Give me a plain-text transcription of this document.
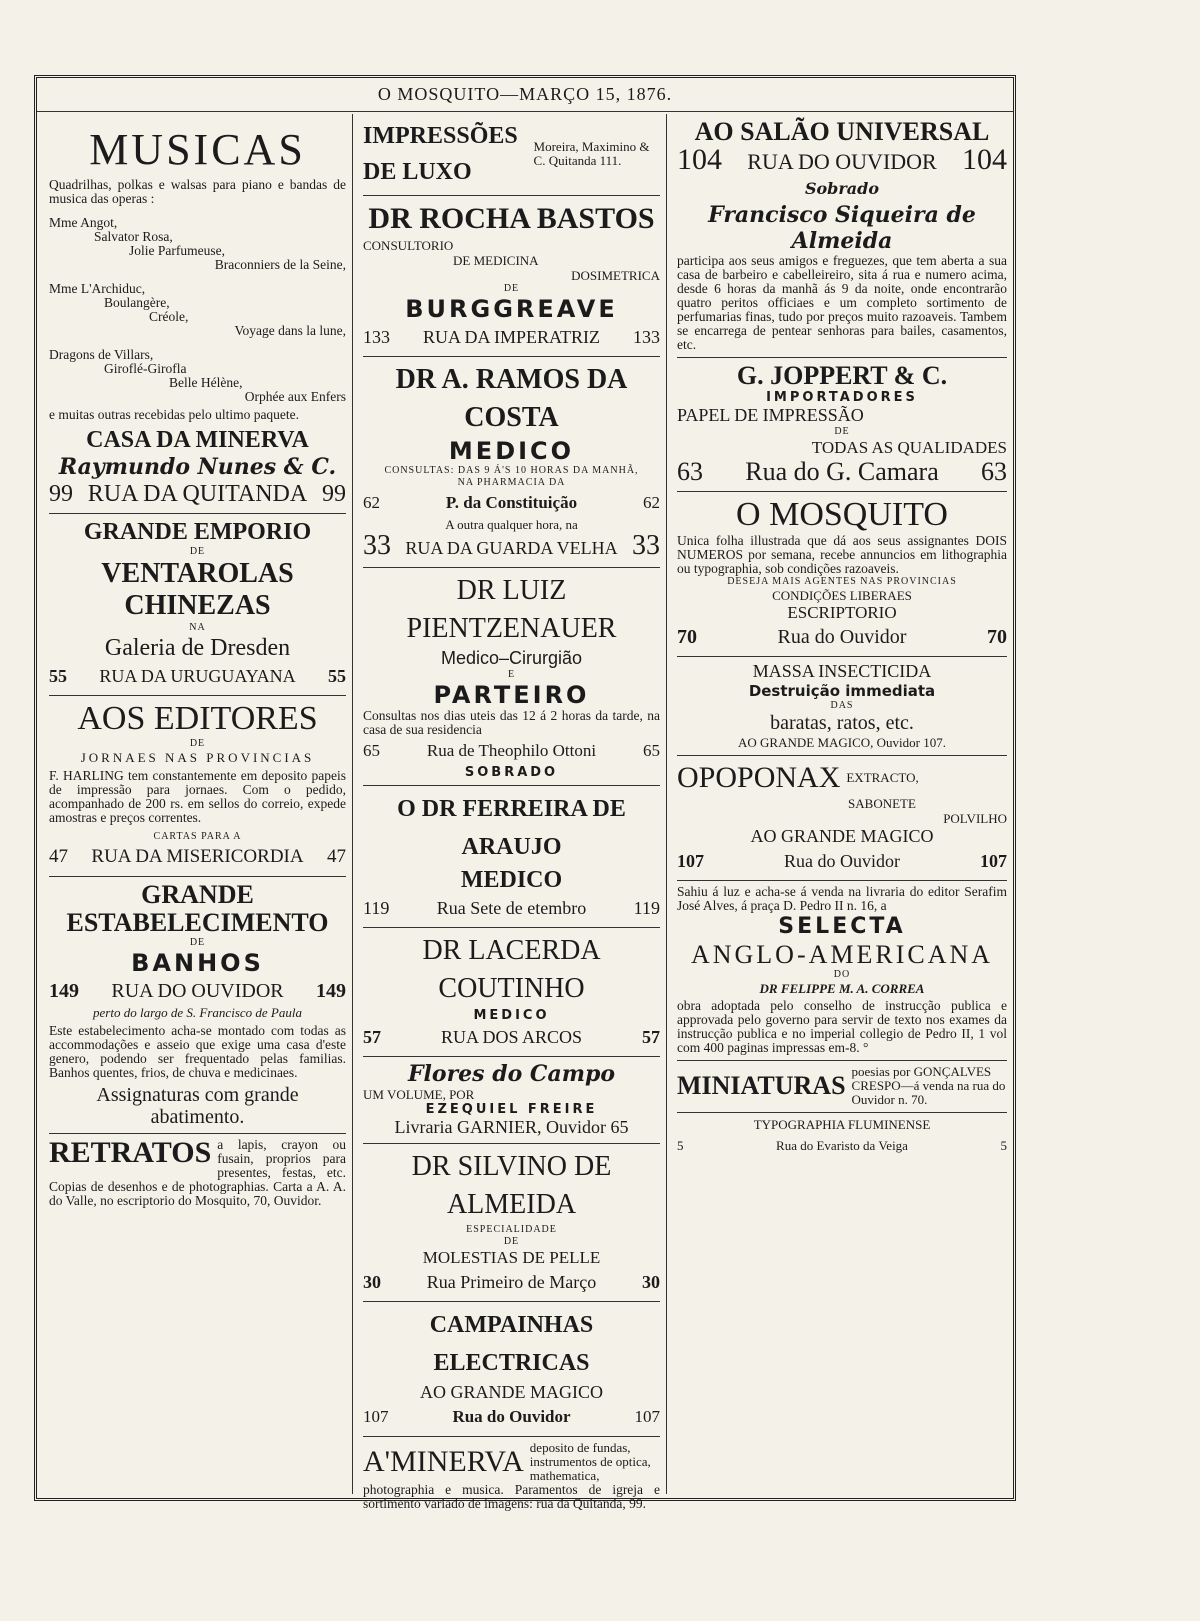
O MOSQUITO—MARÇO 15, 1876.
MUSICAS
Quadrilhas, polkas e walsas para piano e bandas de musica das operas :
Mme Angot,
Salvator Rosa,
Jolie Parfumeuse,
Braconniers de la Seine,
Mme L'Archiduc,
Boulangère,
Créole,
Voyage dans la lune,
Dragons de Villars,
Giroflé-Girofla
Belle Hélène,
Orphée aux Enfers
e muitas outras recebidas pelo ultimo paquete.
CASA DA MINERVA
Raymundo Nunes & C.
99 RUA DA QUITANDA 99
GRANDE EMPORIO
DE
VENTAROLAS CHINEZAS
NA
Galeria de Dresden
55	RUA DA URUGUAYANA	55
AOS EDITORES
DE
JORNAES NAS PROVINCIAS
F. HARLING tem constantemente em deposito papeis de impressão para jornaes. Com o pedido, acompanhado de 200 rs. em sellos do correio, expede amostras e preços correntes.
CARTAS PARA A
47	RUA DA MISERICORDIA	47
GRANDE ESTABELECIMENTO
DE
BANHOS
149	RUA DO OUVIDOR	149
perto do largo de S. Francisco de Paula
Este estabelecimento acha-se montado com todas as accommodações e asseio que exige uma casa d'este genero, podendo ser frequentado pelas familias. Banhos quentes, frios, de chuva e medicinaes.
Assignaturas com grande abatimento.
RETRATOS a lapis, crayon ou fusain, proprios para presentes, festas, etc. Copias de desenhos e de photographias. Carta a A. A. do Valle, no escriptorio do Mosquito, 70, Ouvidor.
IMPRESSÕES DE LUXO
Moreira, Maximino & C. Quitanda 111.
DR ROCHA BASTOS
CONSULTORIO
DE MEDICINA
DOSIMETRICA
DE
BURGGREAVE
133	RUA DA IMPERATRIZ	133
DR A. RAMOS DA COSTA
MEDICO
CONSULTAS: DAS 9 Á'S 10 HORAS DA MANHÃ,
NA PHARMACIA DA
62	P. da Constituição	62
A outra qualquer hora, na
33 RUA DA GUARDA VELHA 33
DR LUIZ PIENTZENAUER
Medico–Cirurgião
E
PARTEIRO
Consultas nos dias uteis das 12 á 2 horas da tarde, na casa de sua residencia
65	Rua de Theophilo Ottoni	65
SOBRADO
O DR FERREIRA DE ARAUJO
MEDICO
119	Rua Sete de etembro	119
DR LACERDA COUTINHO
MEDICO
57	RUA DOS ARCOS	57
Flores do Campo
UM VOLUME, POR
EZEQUIEL FREIRE
Livraria GARNIER, Ouvidor 65
DR SILVINO DE ALMEIDA
ESPECIALIDADE
DE
MOLESTIAS DE PELLE
30	Rua Primeiro de Março	30
CAMPAINHAS ELECTRICAS
AO GRANDE MAGICO
107	Rua do Ouvidor	107
A'MINERVA deposito de fundas, instrumentos de optica, mathematica,
photographia e musica. Paramentos de igreja e sortimento variado de imagens: rua da Quitanda, 99.
AO SALÃO UNIVERSAL
104	RUA DO OUVIDOR 104
Sobrado
Francisco Siqueira de Almeida
participa aos seus amigos e freguezes, que tem aberta a sua casa de barbeiro e cabelleireiro, sita á rua e numero acima, desde 6 horas da manhã ás 9 da noite, onde encontrarão quatro peritos officiaes e um completo sortimento de perfumarias finas, tudo por preços muito razoaveis. Tambem se encarrega de pentear senhoras para bailes, casamentos, etc.
G. JOPPERT & C.
IMPORTADORES
PAPEL DE IMPRESSÃO
DE
TODAS AS QUALIDADES
63	Rua do G. Camara	63
O MOSQUITO
Unica folha illustrada que dá aos seus assignantes DOIS NUMEROS por semana, recebe annuncios em lithographia ou typographia, sob condições razoaveis.
DESEJA MAIS AGENTES NAS PROVINCIAS
CONDIÇÕES LIBERAES
ESCRIPTORIO
70	Rua do Ouvidor	70
MASSA INSECTICIDA
Destruição immediata
DAS
baratas, ratos, etc.
AO GRANDE MAGICO, Ouvidor 107.
OPOPONAX EXTRACTO,
SABONETE
POLVILHO
AO GRANDE MAGICO
107	Rua do Ouvidor	107
Sahiu á luz e acha-se á venda na livraria do editor Serafim José Alves, á praça D. Pedro II n. 16, a
SELECTA
ANGLO-AMERICANA
DO
DR FELIPPE M. A. CORREA
obra adoptada pelo conselho de instrucção publica e approvada pelo governo para servir de texto nos exames da instrucção publica e no imperial collegio de Pedro II, 1 vol com 400 paginas impressas em-8. °
MINIATURAS poesias por GONÇALVES CRESPO—á venda na rua do Ouvidor n. 70.
TYPOGRAPHIA FLUMINENSE
5	Rua do Evaristo da Veiga	5
